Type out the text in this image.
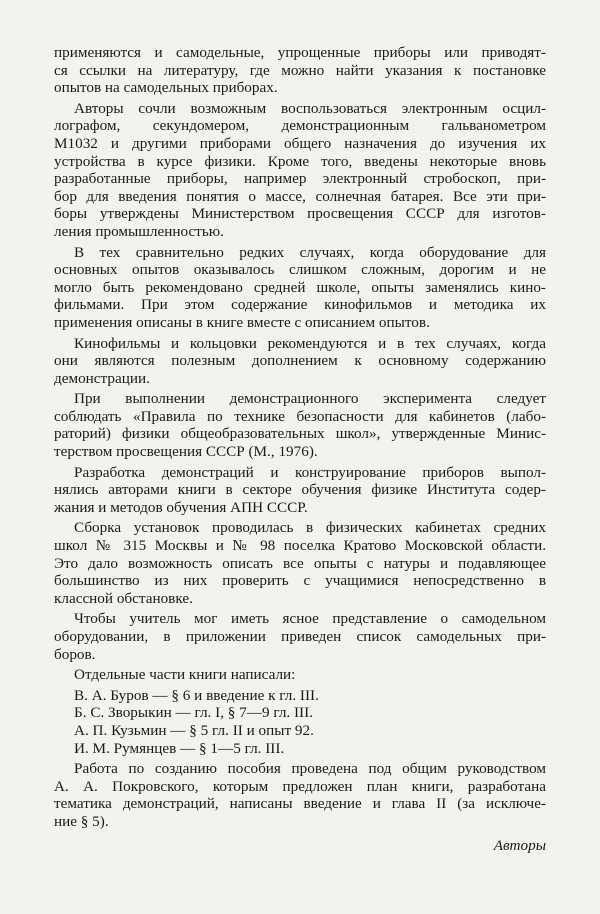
применяются и самодельные, упрощенные приборы или приводят-
ся ссылки на литературу, где можно найти указания к постановке
опытов на самодельных приборах.
Авторы сочли возможным воспользоваться электронным осцил-
лографом, секундомером, демонстрационным гальванометром
М1032 и другими приборами общего назначения до изучения их
устройства в курсе физики. Кроме того, введены некоторые вновь
разработанные приборы, например электронный стробоскоп, при-
бор для введения понятия о массе, солнечная батарея. Все эти при-
боры утверждены Министерством просвещения СССР для изготов-
ления промышленностью.
В тех сравнительно редких случаях, когда оборудование для
основных опытов оказывалось слишком сложным, дорогим и не
могло быть рекомендовано средней школе, опыты заменялись кино-
фильмами. При этом содержание кинофильмов и методика их
применения описаны в книге вместе с описанием опытов.
Кинофильмы и кольцовки рекомендуются и в тех случаях, когда
они являются полезным дополнением к основному содержанию
демонстрации.
При выполнении демонстрационного эксперимента следует
соблюдать «Правила по технике безопасности для кабинетов (лабо-
раторий) физики общеобразовательных школ», утвержденные Минис-
терством просвещения СССР (М., 1976).
Разработка демонстраций и конструирование приборов выпол-
нялись авторами книги в секторе обучения физике Института содер-
жания и методов обучения АПН СССР.
Сборка установок проводилась в физических кабинетах средних
школ № 315 Москвы и № 98 поселка Кратово Московской области.
Это дало возможность описать все опыты с натуры и подавляющее
большинство из них проверить с учащимися непосредственно в
классной обстановке.
Чтобы учитель мог иметь ясное представление о самодельном
оборудовании, в приложении приведен список самодельных при-
боров.
Отдельные части книги написали:
В. А. Буров — § 6 и введение к гл. III.
Б. С. Зворыкин — гл. I, § 7—9 гл. III.
А. П. Кузьмин — § 5 гл. II и опыт 92.
И. М. Румянцев — § 1—5 гл. III.
Работа по созданию пособия проведена под общим руководством
А. А. Покровского, которым предложен план книги, разработана
тематика демонстраций, написаны введение и глава II (за исключе-
ние § 5).
Авторы
